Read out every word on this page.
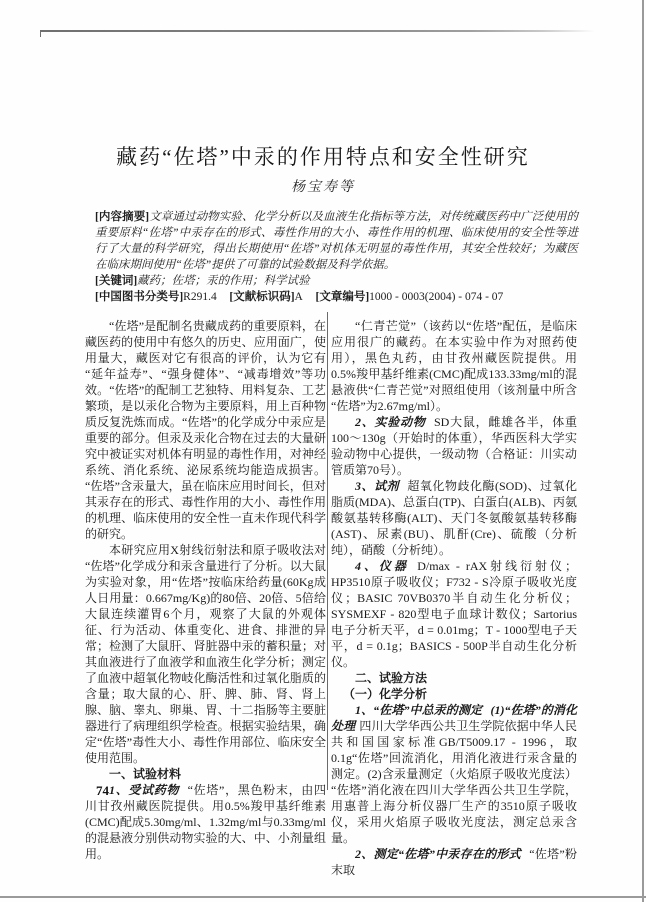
藏药“佐塔”中汞的作用特点和安全性研究
杨宝寿等
[内容摘要]文章通过动物实验、化学分析以及血液生化指标等方法，对传统藏医药中广泛使用的重要原料“佐塔”中汞存在的形式、毒性作用的大小、毒性作用的机理、临床使用的安全性等进行了大量的科学研究，得出长期使用“佐塔”对机体无明显的毒性作用，其安全性较好；为藏医在临床期间使用“佐塔”提供了可靠的试验数据及科学依据。
[关键词]藏药；佐塔；汞的作用；科学试验
[中国图书分类号]R291.4 [文献标识码]A [文章编号]1000 - 0003(2004) - 074 - 07

“佐塔”是配制名贵藏成药的重要原料，在藏医药的使用中有悠久的历史、应用面广，使用量大，藏医对它有很高的评价，认为它有“延年益寿”、“强身健体”、“减毒增效”等功效。“佐塔”的配制工艺独特、用料复杂、工艺繁琐，是以汞化合物为主要原料，用上百种物质反复洗炼而成。“佐塔”的化学成分中汞应是重要的部分。但汞及汞化合物在过去的大量研究中被证实对机体有明显的毒性作用，对神经系统、消化系统、泌尿系统均能造成损害。“佐塔”含汞量大，虽在临床应用时间长，但对其汞存在的形式、毒性作用的大小、毒性作用的机理、临床使用的安全性一直未作现代科学的研究。

本研究应用X射线衍射法和原子吸收法对“佐塔”化学成分和汞含量进行了分析。以大鼠为实验对象，用“佐塔”按临床给药量(60Kg成人日用量：0.667mg/Kg)的80倍、20倍、5倍给大鼠连续灌胃6个月，观察了大鼠的外观体征、行为活动、体重变化、进食、排泄的异常；检测了大鼠肝、肾脏器中汞的蓄积量；对其血液进行了血液学和血液生化学分析；测定了血液中超氧化物岐化酶活性和过氧化脂质的含量；取大鼠的心、肝、脾、肺、肾、肾上腺、脑、睾丸、卵巢、胃、十二指肠等主要脏器进行了病理组织学检查。根据实验结果，确定“佐塔”毒性大小、毒性作用部位、临床安全使用范围。

一、试验材料

1、受试药物 “佐塔”，黑色粉末，由四川甘孜州藏医院提供。用0.5%羧甲基纤维素(CMC)配成5.30mg/ml、1.32mg/ml与0.33mg/ml的混悬液分别供动物实验的大、中、小剂量组用。

“仁青芒觉”（该药以“佐塔”配伍，是临床应用很广的藏药。在本实验中作为对照药使用），黑色丸药，由甘孜州藏医院提供。用0.5%羧甲基纤维素(CMC)配成133.33mg/ml的混悬液供“仁青芒觉”对照组使用（该剂量中所含“佐塔”为2.67mg/ml）。

2、实验动物 SD大鼠，雌雄各半，体重100～130g（开始时的体重），华西医科大学实验动物中心提供，一级动物（合格证：川实动管质第70号）。

3、试剂 超氧化物歧化酶(SOD)、过氧化脂质(MDA)、总蛋白(TP)、白蛋白(ALB)、丙氨酸氨基转移酶(ALT)、天门冬氨酸氨基转移酶(AST)、尿素(BU)、肌酐(Cre)、硫酸（分析纯），硝酸（分析纯）。

4、仪器 D/max - rAX射线衍射仪；HP3510原子吸收仪；F732 - S冷原子吸收光度仪；BASIC 70VB0370半自动生化分析仪；SYSMEXF - 820型电子血球计数仪；Sartorius电子分析天平，d = 0.01mg；T - 1000型电子天平，d = 0.1g；BASICS - 500P半自动生化分析仪。

二、试验方法

（一）化学分析

1、“佐塔”中总汞的测定 (1)“佐塔”的消化处理 四川大学华西公共卫生学院依据中华人民共和国国家标准GB/T5009.17 - 1996，取0.1g“佐塔”回流消化，用消化液进行汞含量的测定。(2)含汞量测定（火焰原子吸收光度法）“佐塔”消化液在四川大学华西公共卫生学院，用惠普上海分析仪器厂生产的3510原子吸收仪，采用火焰原子吸收光度法，测定总汞含量。

2、测定“佐塔”中汞存在的形式 “佐塔”粉末取

74
